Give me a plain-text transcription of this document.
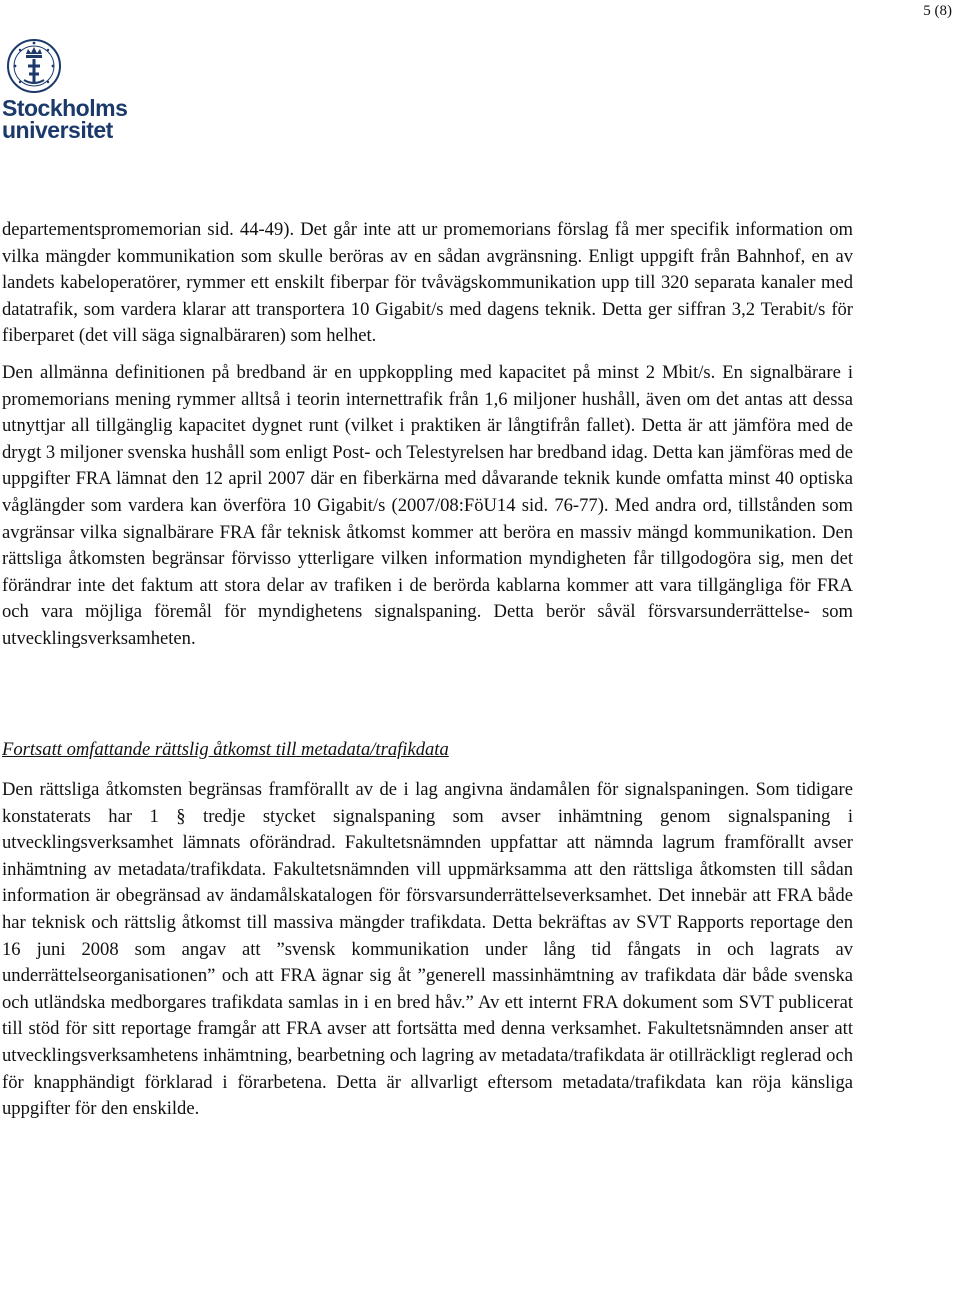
5 (8)
Stockholms
universitet

departementspromemorian sid. 44-49). Det går inte att ur promemorians förslag få mer specifik information om vilka mängder kommunikation som skulle beröras av en sådan avgränsning. Enligt uppgift från Bahnhof, en av landets kabeloperatörer, rymmer ett enskilt fiberpar för tvåvägskommunikation upp till 320 separata kanaler med datatrafik, som vardera klarar att transportera 10 Gigabit/s med dagens teknik. Detta ger siffran 3,2 Terabit/s för fiberparet (det vill säga signalbäraren) som helhet.

Den allmänna definitionen på bredband är en uppkoppling med kapacitet på minst 2 Mbit/s. En signalbärare i promemorians mening rymmer alltså i teorin internettrafik från 1,6 miljoner hushåll, även om det antas att dessa utnyttjar all tillgänglig kapacitet dygnet runt (vilket i praktiken är långtifrån fallet). Detta är att jämföra med de drygt 3 miljoner svenska hushåll som enligt Post- och Telestyrelsen har bredband idag. Detta kan jämföras med de uppgifter FRA lämnat den 12 april 2007 där en fiberkärna med dåvarande teknik kunde omfatta minst 40 optiska våglängder som vardera kan överföra 10 Gigabit/s (2007/08:FöU14 sid. 76-77). Med andra ord, tillstånden som avgränsar vilka signalbärare FRA får teknisk åtkomst kommer att beröra en massiv mängd kommunikation. Den rättsliga åtkomsten begränsar förvisso ytterligare vilken information myndigheten får tillgodogöra sig, men det förändrar inte det faktum att stora delar av trafiken i de berörda kablarna kommer att vara tillgängliga för FRA och vara möjliga föremål för myndighetens signalspaning. Detta berör såväl försvarsunderrättelse- som utvecklingsverksamheten.

Fortsatt omfattande rättslig åtkomst till metadata/trafikdata

Den rättsliga åtkomsten begränsas framförallt av de i lag angivna ändamålen för signalspaningen. Som tidigare konstaterats har 1 § tredje stycket signalspaning som avser inhämtning genom signalspaning i utvecklingsverksamhet lämnats oförändrad. Fakultetsnämnden uppfattar att nämnda lagrum framförallt avser inhämtning av metadata/trafikdata. Fakultetsnämnden vill uppmärksamma att den rättsliga åtkomsten till sådan information är obegränsad av ändamålskatalogen för försvarsunderrättelseverksamhet. Det innebär att FRA både har teknisk och rättslig åtkomst till massiva mängder trafikdata. Detta bekräftas av SVT Rapports reportage den 16 juni 2008 som angav att ”svensk kommunikation under lång tid fångats in och lagrats av underrättelseorganisationen” och att FRA ägnar sig åt ”generell massinhämtning av trafikdata där både svenska och utländska medborgares trafikdata samlas in i en bred håv.” Av ett internt FRA dokument som SVT publicerat till stöd för sitt reportage framgår att FRA avser att fortsätta med denna verksamhet. Fakultetsnämnden anser att utvecklingsverksamhetens inhämtning, bearbetning och lagring av metadata/trafikdata är otillräckligt reglerad och för knapphändigt förklarad i förarbetena. Detta är allvarligt eftersom metadata/trafikdata kan röja känsliga uppgifter för den enskilde.
